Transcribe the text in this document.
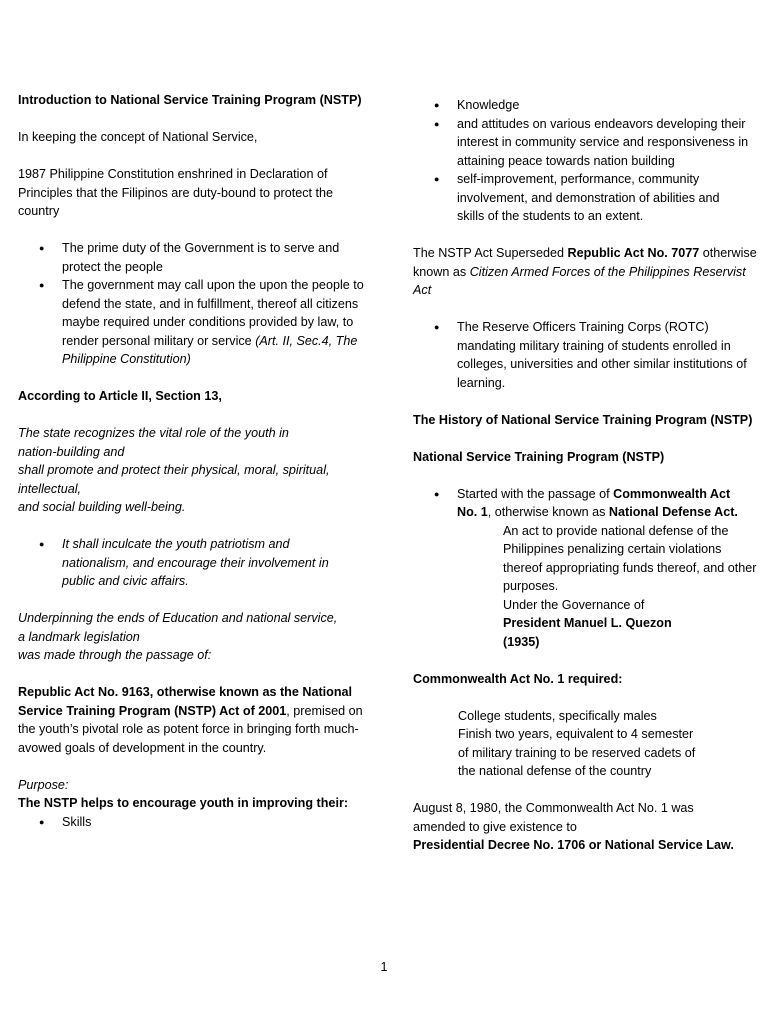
Introduction to National Service Training Program (NSTP)

In keeping the concept of National Service,

1987 Philippine Constitution enshrined in Declaration of Principles that the Filipinos are duty-bound to protect the country

● The prime duty of the Government is to serve and protect the people
● The government may call upon the upon the people to defend the state, and in fulfillment, thereof all citizens maybe required under conditions provided by law, to render personal military or service (Art. II, Sec.4, The Philippine Constitution)

According to Article II, Section 13,

The state recognizes the vital role of the youth in

nation-building and

shall promote and protect their physical, moral, spiritual, intellectual,

and social building well-being.

● It shall inculcate the youth patriotism and nationalism, and encourage their involvement in public and civic affairs.

Underpinning the ends of Education and national service,

a landmark legislation

was made through the passage of:

Republic Act No. 9163, otherwise known as the National Service Training Program (NSTP) Act of 2001, premised on the youth’s pivotal role as potent force in bringing forth much- avowed goals of development in the country.

Purpose:

The NSTP helps to encourage youth in improving their:

● Skills
● Knowledge
● and attitudes on various endeavors developing their interest in community service and responsiveness in attaining peace towards nation building
● self-improvement, performance, community involvement, and demonstration of abilities and skills of the students to an extent.

The NSTP Act Superseded Republic Act No. 7077 otherwise known as Citizen Armed Forces of the Philippines Reservist Act

● The Reserve Officers Training Corps (ROTC) mandating military training of students enrolled in colleges, universities and other similar institutions of learning.

The History of National Service Training Program (NSTP)

National Service Training Program (NSTP)

● Started with the passage of Commonwealth Act No. 1, otherwise known as National Defense Act.

An act to provide national defense of the Philippines penalizing certain violations thereof appropriating funds thereof, and other purposes.

Under the Governance of

President Manuel L. Quezon

(1935)

Commonwealth Act No. 1 required:

College students, specifically males

Finish two years, equivalent to 4 semester

of military training to be reserved cadets of

the national defense of the country

August 8, 1980, the Commonwealth Act No. 1 was amended to give existence to

Presidential Decree No. 1706 or National Service Law.

1
